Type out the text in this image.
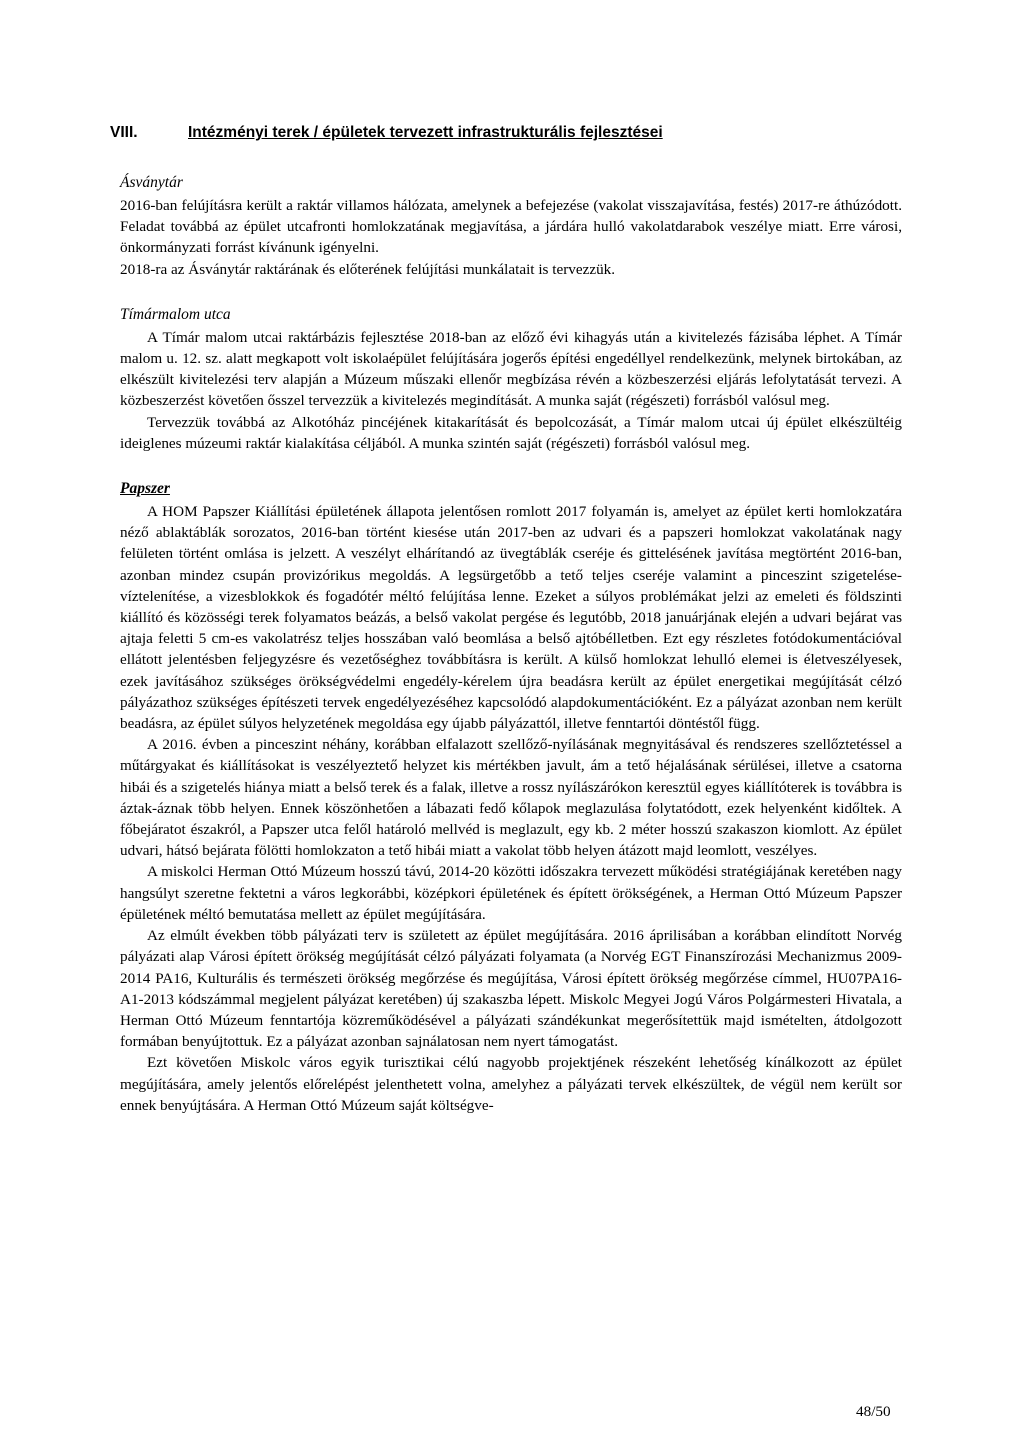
VIII.	Intézményi terek / épületek tervezett infrastrukturális fejlesztései
Ásványtár

2016-ban felújításra került a raktár villamos hálózata, amelynek a befejezése (vakolat visszajavítása, festés) 2017-re áthúzódott. Feladat továbbá az épület utcafronti homlokzatának megjavítása, a járdára hulló vakolatdarabok veszélye miatt. Erre városi, önkormányzati forrást kívánunk igényelni.

2018-ra az Ásványtár raktárának és előterének felújítási munkálatait is tervezzük.

Tímármalom utca

A Tímár malom utcai raktárbázis fejlesztése 2018-ban az előző évi kihagyás után a kivitelezés fázisába léphet. A Tímár malom u. 12. sz. alatt megkapott volt iskolaépület felújítására jogerős építési engedéllyel rendelkezünk, melynek birtokában, az elkészült kivitelezési terv alapján a Múzeum műszaki ellenőr megbízása révén a közbeszerzési eljárás lefolytatását tervezi. A közbeszerzést követően ősszel tervezzük a kivitelezés megindítását. A munka saját (régészeti) forrásból valósul meg.

Tervezzük továbbá az Alkotóház pincéjének kitakarítását és bepolcozását, a Tímár malom utcai új épület elkészültéig ideiglenes múzeumi raktár kialakítása céljából. A munka szintén saját (régészeti) forrásból valósul meg.

Papszer

A HOM Papszer Kiállítási épületének állapota jelentősen romlott 2017 folyamán is, amelyet az épület kerti homlokzatára néző ablaktáblák sorozatos, 2016-ban történt kiesése után 2017-ben az udvari és a papszeri homlokzat vakolatának nagy felületen történt omlása is jelzett. A veszélyt elhárítandó az üvegtáblák cseréje és gittelésének javítása megtörtént 2016-ban, azonban mindez csupán provizórikus megoldás. A legsürgetőbb a tető teljes cseréje valamint a pinceszint szigetelése-víztelenítése, a vizesblokkok és fogadótér méltó felújítása lenne. Ezeket a súlyos problémákat jelzi az emeleti és földszinti kiállító és közösségi terek folyamatos beázás, a belső vakolat pergése és legutóbb, 2018 januárjának elején a udvari bejárat vas ajtaja feletti 5 cm-es vakolatrész teljes hosszában való beomlása a belső ajtóbélletben. Ezt egy részletes fotódokumentációval ellátott jelentésben feljegyzésre és vezetőséghez továbbításra is került. A külső homlokzat lehulló elemei is életveszélyesek, ezek javításához szükséges örökségvédelmi engedély-kérelem újra beadásra került az épület energetikai megújítását célzó pályázathoz szükséges építészeti tervek engedélyezéséhez kapcsolódó alapdokumentációként. Ez a pályázat azonban nem került beadásra, az épület súlyos helyzetének megoldása egy újabb pályázattól, illetve fenntartói döntéstől függ.

A 2016. évben a pinceszint néhány, korábban elfalazott szellőző-nyílásának megnyitásával és rendszeres szellőztetéssel a műtárgyakat és kiállításokat is veszélyeztető helyzet kis mértékben javult, ám a tető héjalásának sérülései, illetve a csatorna hibái és a szigetelés hiánya miatt a belső terek és a falak, illetve a rossz nyílászárókon keresztül egyes kiállítóterek is továbbra is áztak-áznak több helyen. Ennek köszönhetően a lábazati fedő kőlapok meglazulása folytatódott, ezek helyenként kidőltek. A főbejáratot északról, a Papszer utca felől határoló mellvéd is meglazult, egy kb. 2 méter hosszú szakaszon kiomlott. Az épület udvari, hátsó bejárata fölötti homlokzaton a tető hibái miatt a vakolat több helyen átázott majd leomlott, veszélyes.

A miskolci Herman Ottó Múzeum hosszú távú, 2014-20 közötti időszakra tervezett működési stratégiájának keretében nagy hangsúlyt szeretne fektetni a város legkorábbi, középkori épületének és épített örökségének, a Herman Ottó Múzeum Papszer épületének méltó bemutatása mellett az épület megújítására.

Az elmúlt években több pályázati terv is született az épület megújítására. 2016 áprilisában a korábban elindított Norvég pályázati alap Városi épített örökség megújítását célzó pályázati folyamata (a Norvég EGT Finanszírozási Mechanizmus 2009-2014 PA16, Kulturális és természeti örökség megőrzése és megújítása, Városi épített örökség megőrzése címmel, HU07PA16-A1-2013 kódszámmal megjelent pályázat keretében) új szakaszba lépett. Miskolc Megyei Jogú Város Polgármesteri Hivatala, a Herman Ottó Múzeum fenntartója közreműködésével a pályázati szándékunkat megerősítettük majd ismételten, átdolgozott formában benyújtottuk. Ez a pályázat azonban sajnálatosan nem nyert támogatást.

Ezt követően Miskolc város egyik turisztikai célú nagyobb projektjének részeként lehetőség kínálkozott az épület megújítására, amely jelentős előrelépést jelenthetett volna, amelyhez a pályázati tervek elkészültek, de végül nem került sor ennek benyújtására. A Herman Ottó Múzeum saját költségve-

48/50
